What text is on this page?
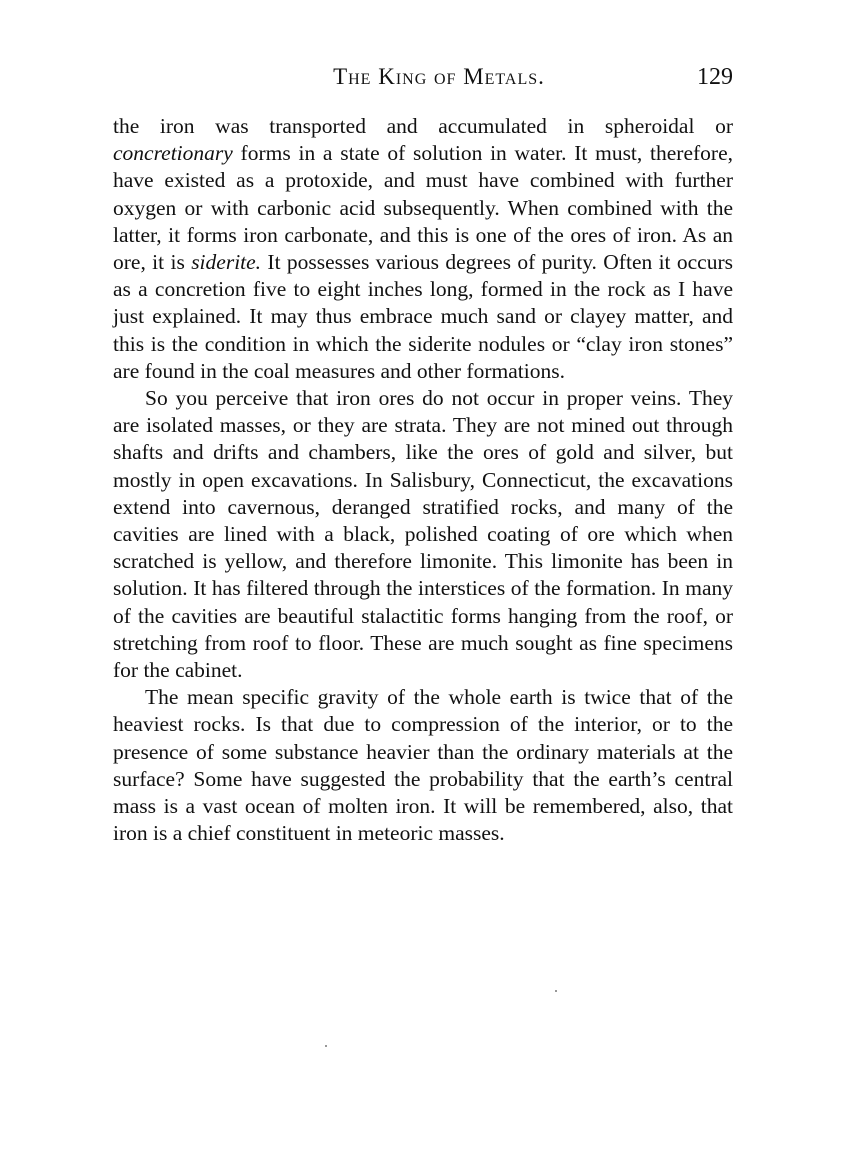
The King of Metals.	129

the iron was transported and accumulated in spheroidal or concretionary forms in a state of solution in water. It must, therefore, have existed as a protoxide, and must have combined with further oxygen or with carbonic acid subsequently. When combined with the latter, it forms iron carbonate, and this is one of the ores of iron. As an ore, it is siderite. It possesses various degrees of purity. Often it occurs as a concretion five to eight inches long, formed in the rock as I have just explained. It may thus embrace much sand or clayey matter, and this is the condition in which the siderite nodules or “clay iron stones” are found in the coal measures and other formations.

So you perceive that iron ores do not occur in proper veins. They are isolated masses, or they are strata. They are not mined out through shafts and drifts and chambers, like the ores of gold and silver, but mostly in open excavations. In Salisbury, Connecticut, the excavations extend into cavernous, deranged stratified rocks, and many of the cavities are lined with a black, polished coating of ore which when scratched is yellow, and therefore limonite. This limonite has been in solution. It has filtered through the interstices of the formation. In many of the cavities are beautiful stalactitic forms hanging from the roof, or stretching from roof to floor. These are much sought as fine specimens for the cabinet.

The mean specific gravity of the whole earth is twice that of the heaviest rocks. Is that due to compression of the interior, or to the presence of some substance heavier than the ordinary materials at the surface? Some have suggested the probability that the earth’s central mass is a vast ocean of molten iron. It will be remembered, also, that iron is a chief constituent in meteoric masses.
